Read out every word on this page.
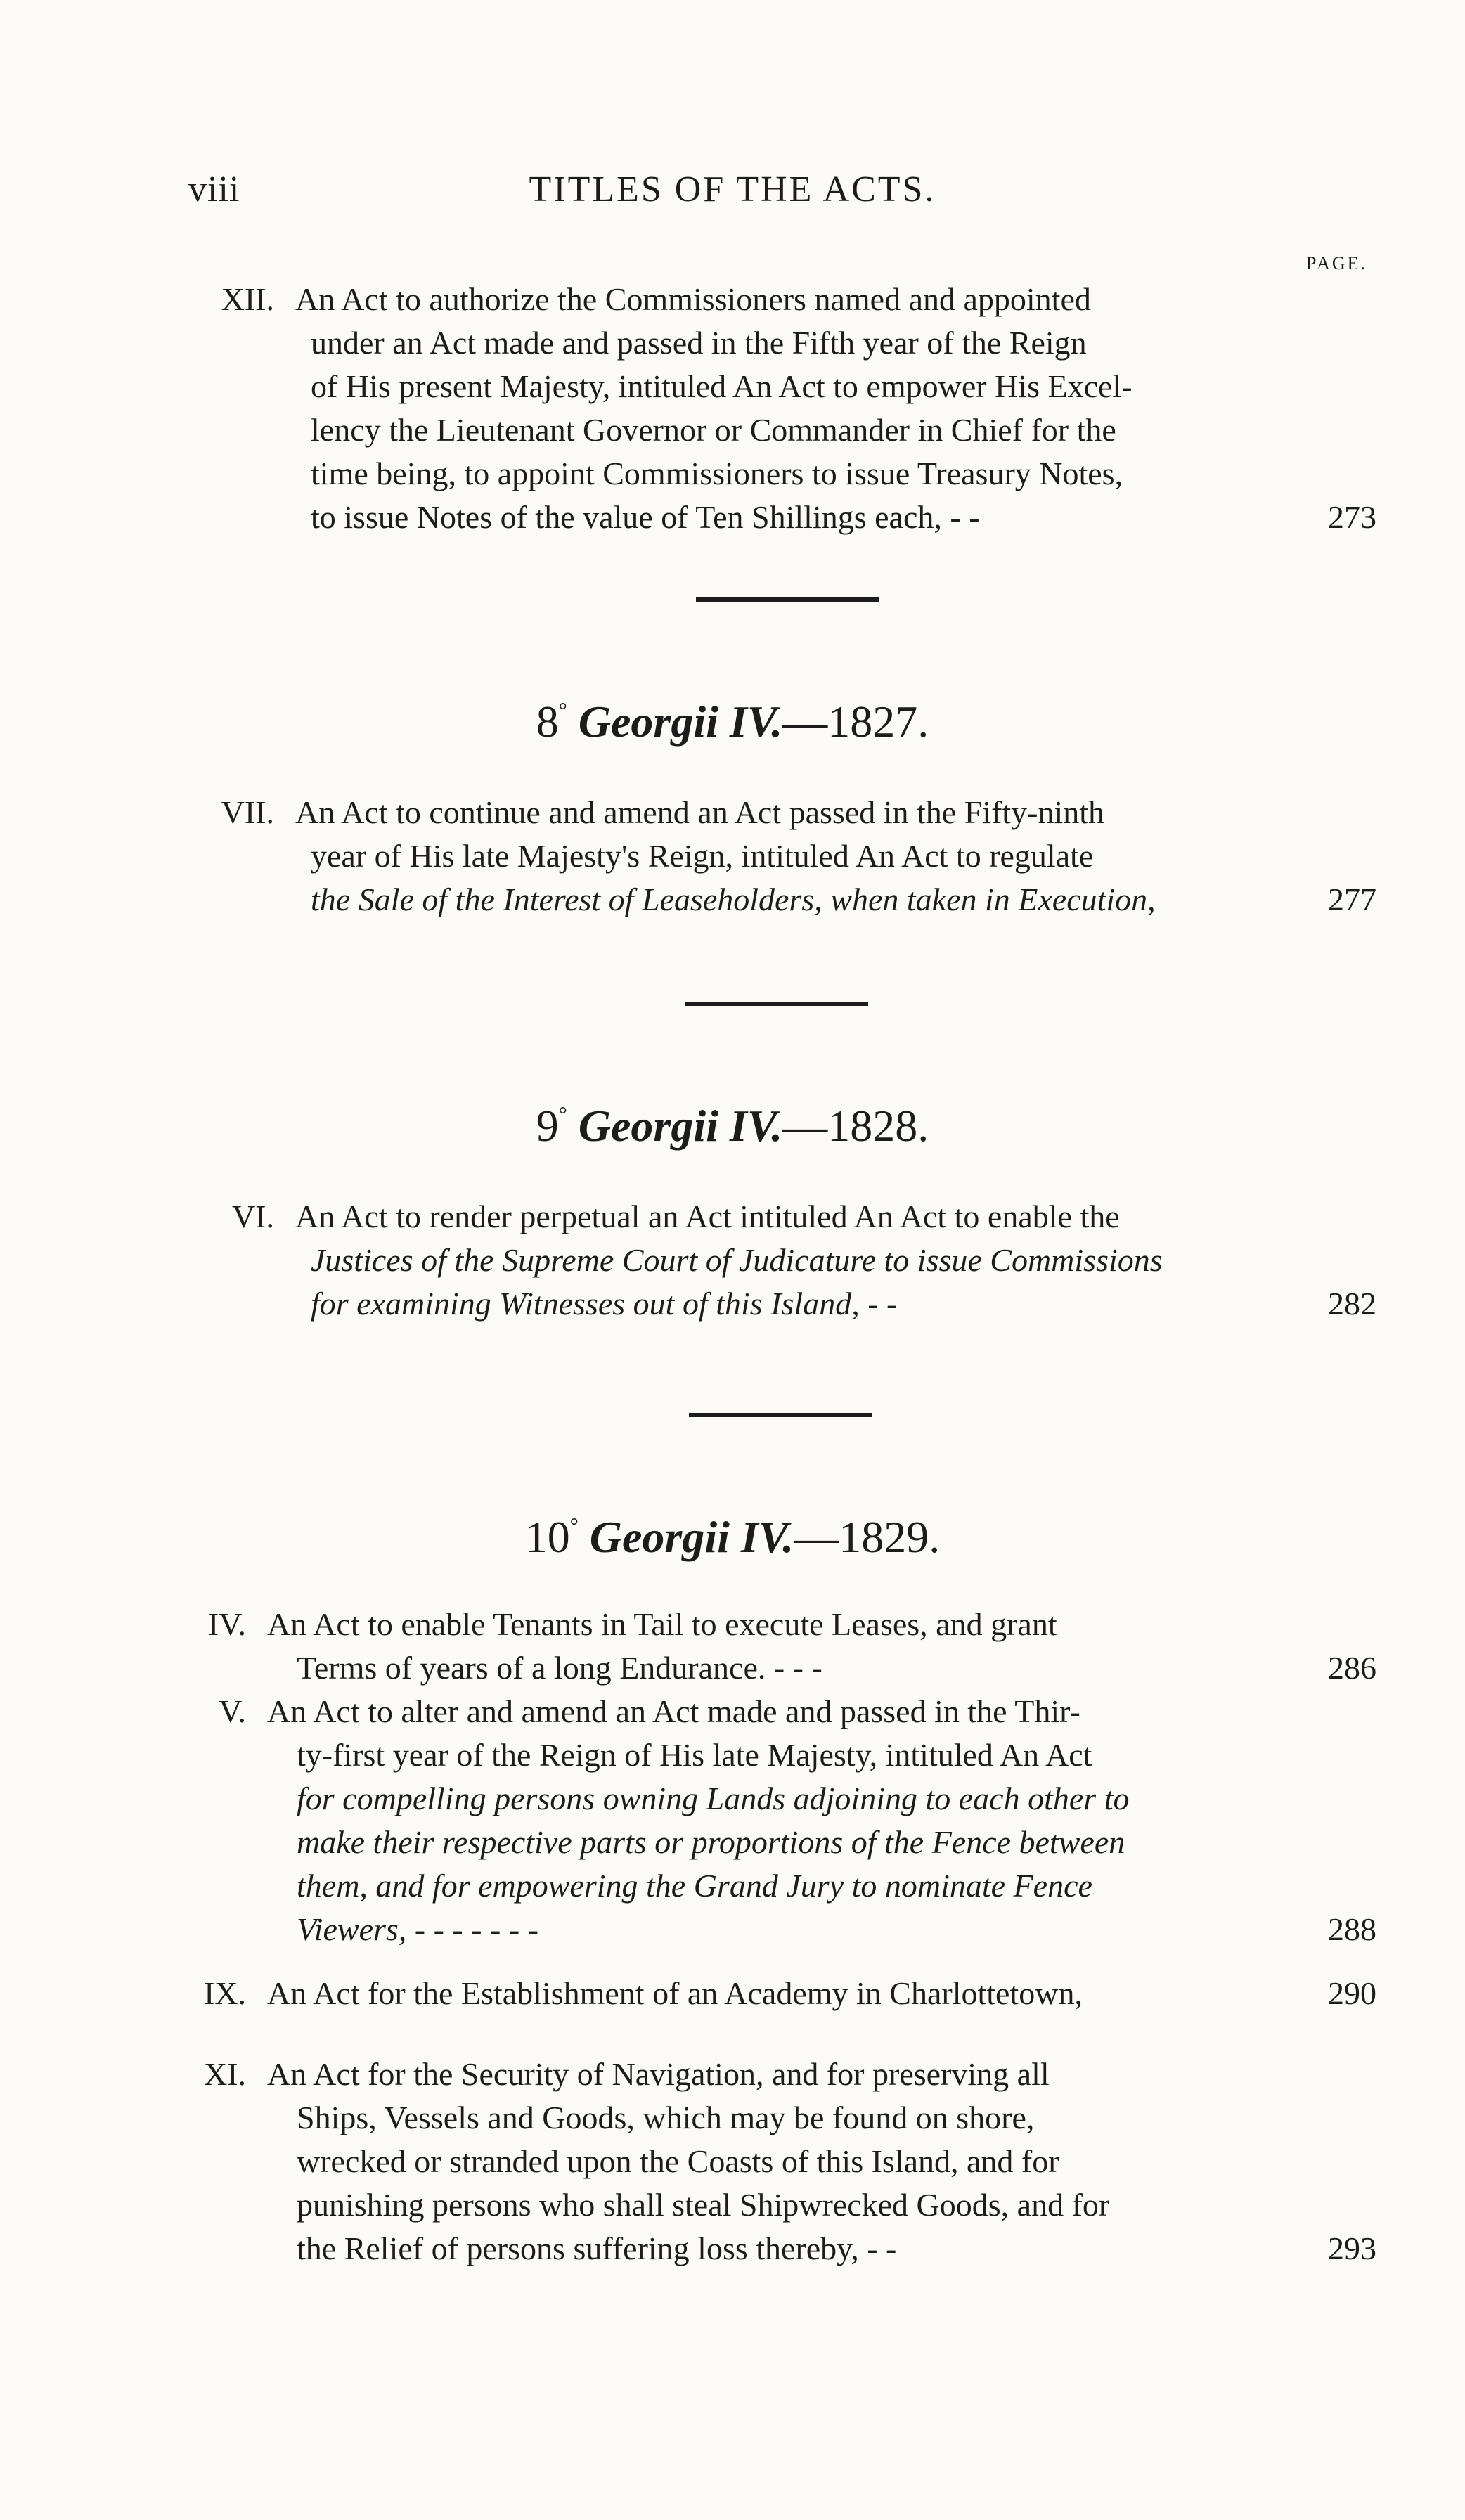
viii	TITLES OF THE ACTS.
PAGE.
XII. An Act to authorize the Commissioners named and appointed

under an Act made and passed in the Fifth year of the Reign

of His present Majesty, intituled An Act to empower His Excel-

lency the Lieutenant Governor or Commander in Chief for the

time being, to appoint Commissioners to issue Treasury Notes,

to issue Notes of the value of Ten Shillings each, - -	273
8° Georgii IV.—1827.
VII. An Act to continue and amend an Act passed in the Fifty-ninth

year of His late Majesty's Reign, intituled An Act to regulate

the Sale of the Interest of Leaseholders, when taken in Execution,	277
9° Georgii IV.—1828.
VI. An Act to render perpetual an Act intituled An Act to enable the

Justices of the Supreme Court of Judicature to issue Commissions

for examining Witnesses out of this Island, - -	282
10° Georgii IV.—1829.
IV. An Act to enable Tenants in Tail to execute Leases, and grant

Terms of years of a long Endurance. - - -	286
V. An Act to alter and amend an Act made and passed in the Thir-

ty-first year of the Reign of His late Majesty, intituled An Act

for compelling persons owning Lands adjoining to each other to

make their respective parts or proportions of the Fence between

them, and for empowering the Grand Jury to nominate Fence

Viewers, - - - - - - -	288
IX. An Act for the Establishment of an Academy in Charlottetown,	290
XI. An Act for the Security of Navigation, and for preserving all

Ships, Vessels and Goods, which may be found on shore,

wrecked or stranded upon the Coasts of this Island, and for

punishing persons who shall steal Shipwrecked Goods, and for

the Relief of persons suffering loss thereby, - -	293
